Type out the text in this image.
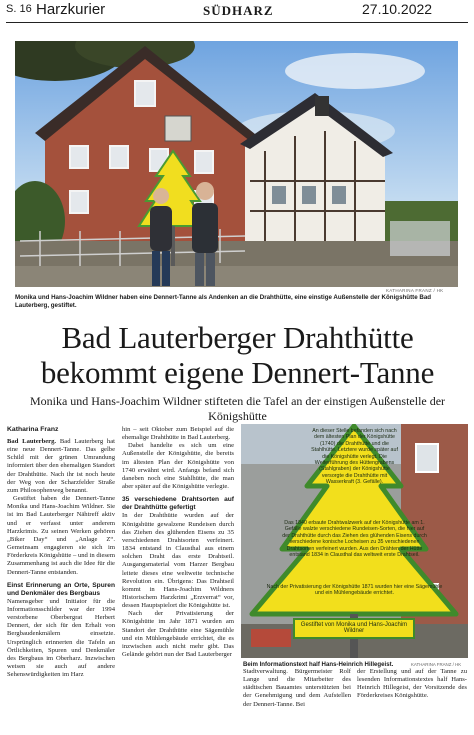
S. 16 Harzkurier	SÜDHARZ	27.10.2022
KATHARINA FRANZ / HK
Monika und Hans-Joachim Wildner haben eine Dennert-Tanne als Andenken an die Drahthütte, eine einstige Außenstelle der Königshütte Bad Lauterberg, gestiftet.
Bad Lauterberger Drahthütte
bekommt eigene Dennert-Tanne
Monika und Hans-Joachim Wildner stifteten die Tafel an der einstigen Außenstelle der Königshütte
Katharina Franz
Bad Lauterberg. Bad Lauterberg hat eine neue Dennert-Tanne. Das gelbe Schild mit der grünen Umrandung informiert über den ehemaligen Standort der Drahthütte. Nach ihr ist noch heute der Weg von der Scharzfelder Straße zum Philosophenweg benannt.
Gestiftet haben die Dennert-Tanne Monika und Hans-Joachim Wildner. Sie ist im Bad Lauterberger Nähtreff aktiv und er verfasst unter anderem Harzkrimis. Zu seinen Werken gehören „Biker Day“ und „Anlage Z“. Gemeinsam engagieren sie sich im Förderkreis Königshütte – und in diesem Zusammenhang ist auch die Idee für die Dennert-Tanne entstanden.
Einst Erinnerung an Orte, Spuren und Denkmäler des Bergbaus
Namensgeber und Initiator für die Informationsschilder war der 1994 verstorbene Oberbergrat Herbert Dennert, der sich für den Erhalt von Bergbaudenkmälern einsetzte. Ursprünglich erinnerten die Tafeln an Örtlichkeiten, Spuren und Denkmäler des Bergbaus im Oberharz. Inzwischen weisen sie auch auf andere Sehenswürdigkeiten im Harz
hin – seit Oktober zum Beispiel auf die ehemalige Drahthütte in Bad Lauterberg.
Dabei handelte es sich um eine Außenstelle der Königshütte, die bereits im ältesten Plan der Königshütte von 1740 erwähnt wird. Anfangs befand sich daneben noch eine Stahlhütte, die man aber später auf die Königshütte verlegte.
35 verschiedene Drahtsorten auf der Drahthütte gefertigt
In der Drahthütte wurden auf der Königshütte gewalzene Rundeisen durch das Ziehen des glühenden Eisens zu 35 verschiedenen Drahtsorten verfeinert. 1834 entstand in Clausthal aus einem solchen Draht das erste Drahtseil. Ausgangsmaterial vom Harzer Bergbau leitete dieses eine weltweite technische Revolution ein. Übrigens: Das Drahtseil kommt in Hans-Joachim Wildners Historischem Harzkrimi „Erzverrat“ vor, dessen Hauptspielort die Königshütte ist.
Nach der Privatisierung der Königshütte im Jahr 1871 wurden am Standort der Drahthütte eine Sägemühle und ein Mühlengebäude errichtet, die es inzwischen auch nicht mehr gibt. Das Gelände gehört nun der Bad Lauterberger
An dieser Stelle befanden sich nach dem ältesten Plan der Königshütte (1740) die Drahthütte und die Stahlhütte. Letztere wurde später auf die Königshütte verlegt. Die Weiterführung des Hüttengrabens (Stahlgraben) der Königshütte versorgte die Drahthütte mit Wasserkraft (3. Gefälle).
Das 1840 erbaute Drahtwalzwerk auf der Königshütte am 1. Gefälle walzte verschiedene Rundeisen-Sorten, die hier auf der Drahthütte durch das Ziehen des glühenden Eisens durch verschiedene konische Locheisen zu 35 verschiedenen Drahtsorten verfeinert wurden. Aus den Drähten der Hütte entstand 1834 in Clausthal das weltweit erste Drahtseil.
Nach der Privatisierung der Königshütte 1871 wurden hier eine Sägemühle und ein Mühlengebäude errichtet.
Gestiftet von Monika und Hans-Joachim Wildner
Beim Informationstext half Hans-Heinrich Hillegeist.	KATHARINA FRANZ / HK
Stadtverwaltung. Bürgermeister Rolf Lange und die Mitarbeiter des städtischen Bauamtes unterstützten bei der Genehmigung und dem Aufstellen der Dennert-Tanne. Bei
der Erstellung und auf der Tanne zu lesenden Informationstextes half Hans-Heinrich Hillegeist, der Vorsitzende des Förderkreises Königshütte.
